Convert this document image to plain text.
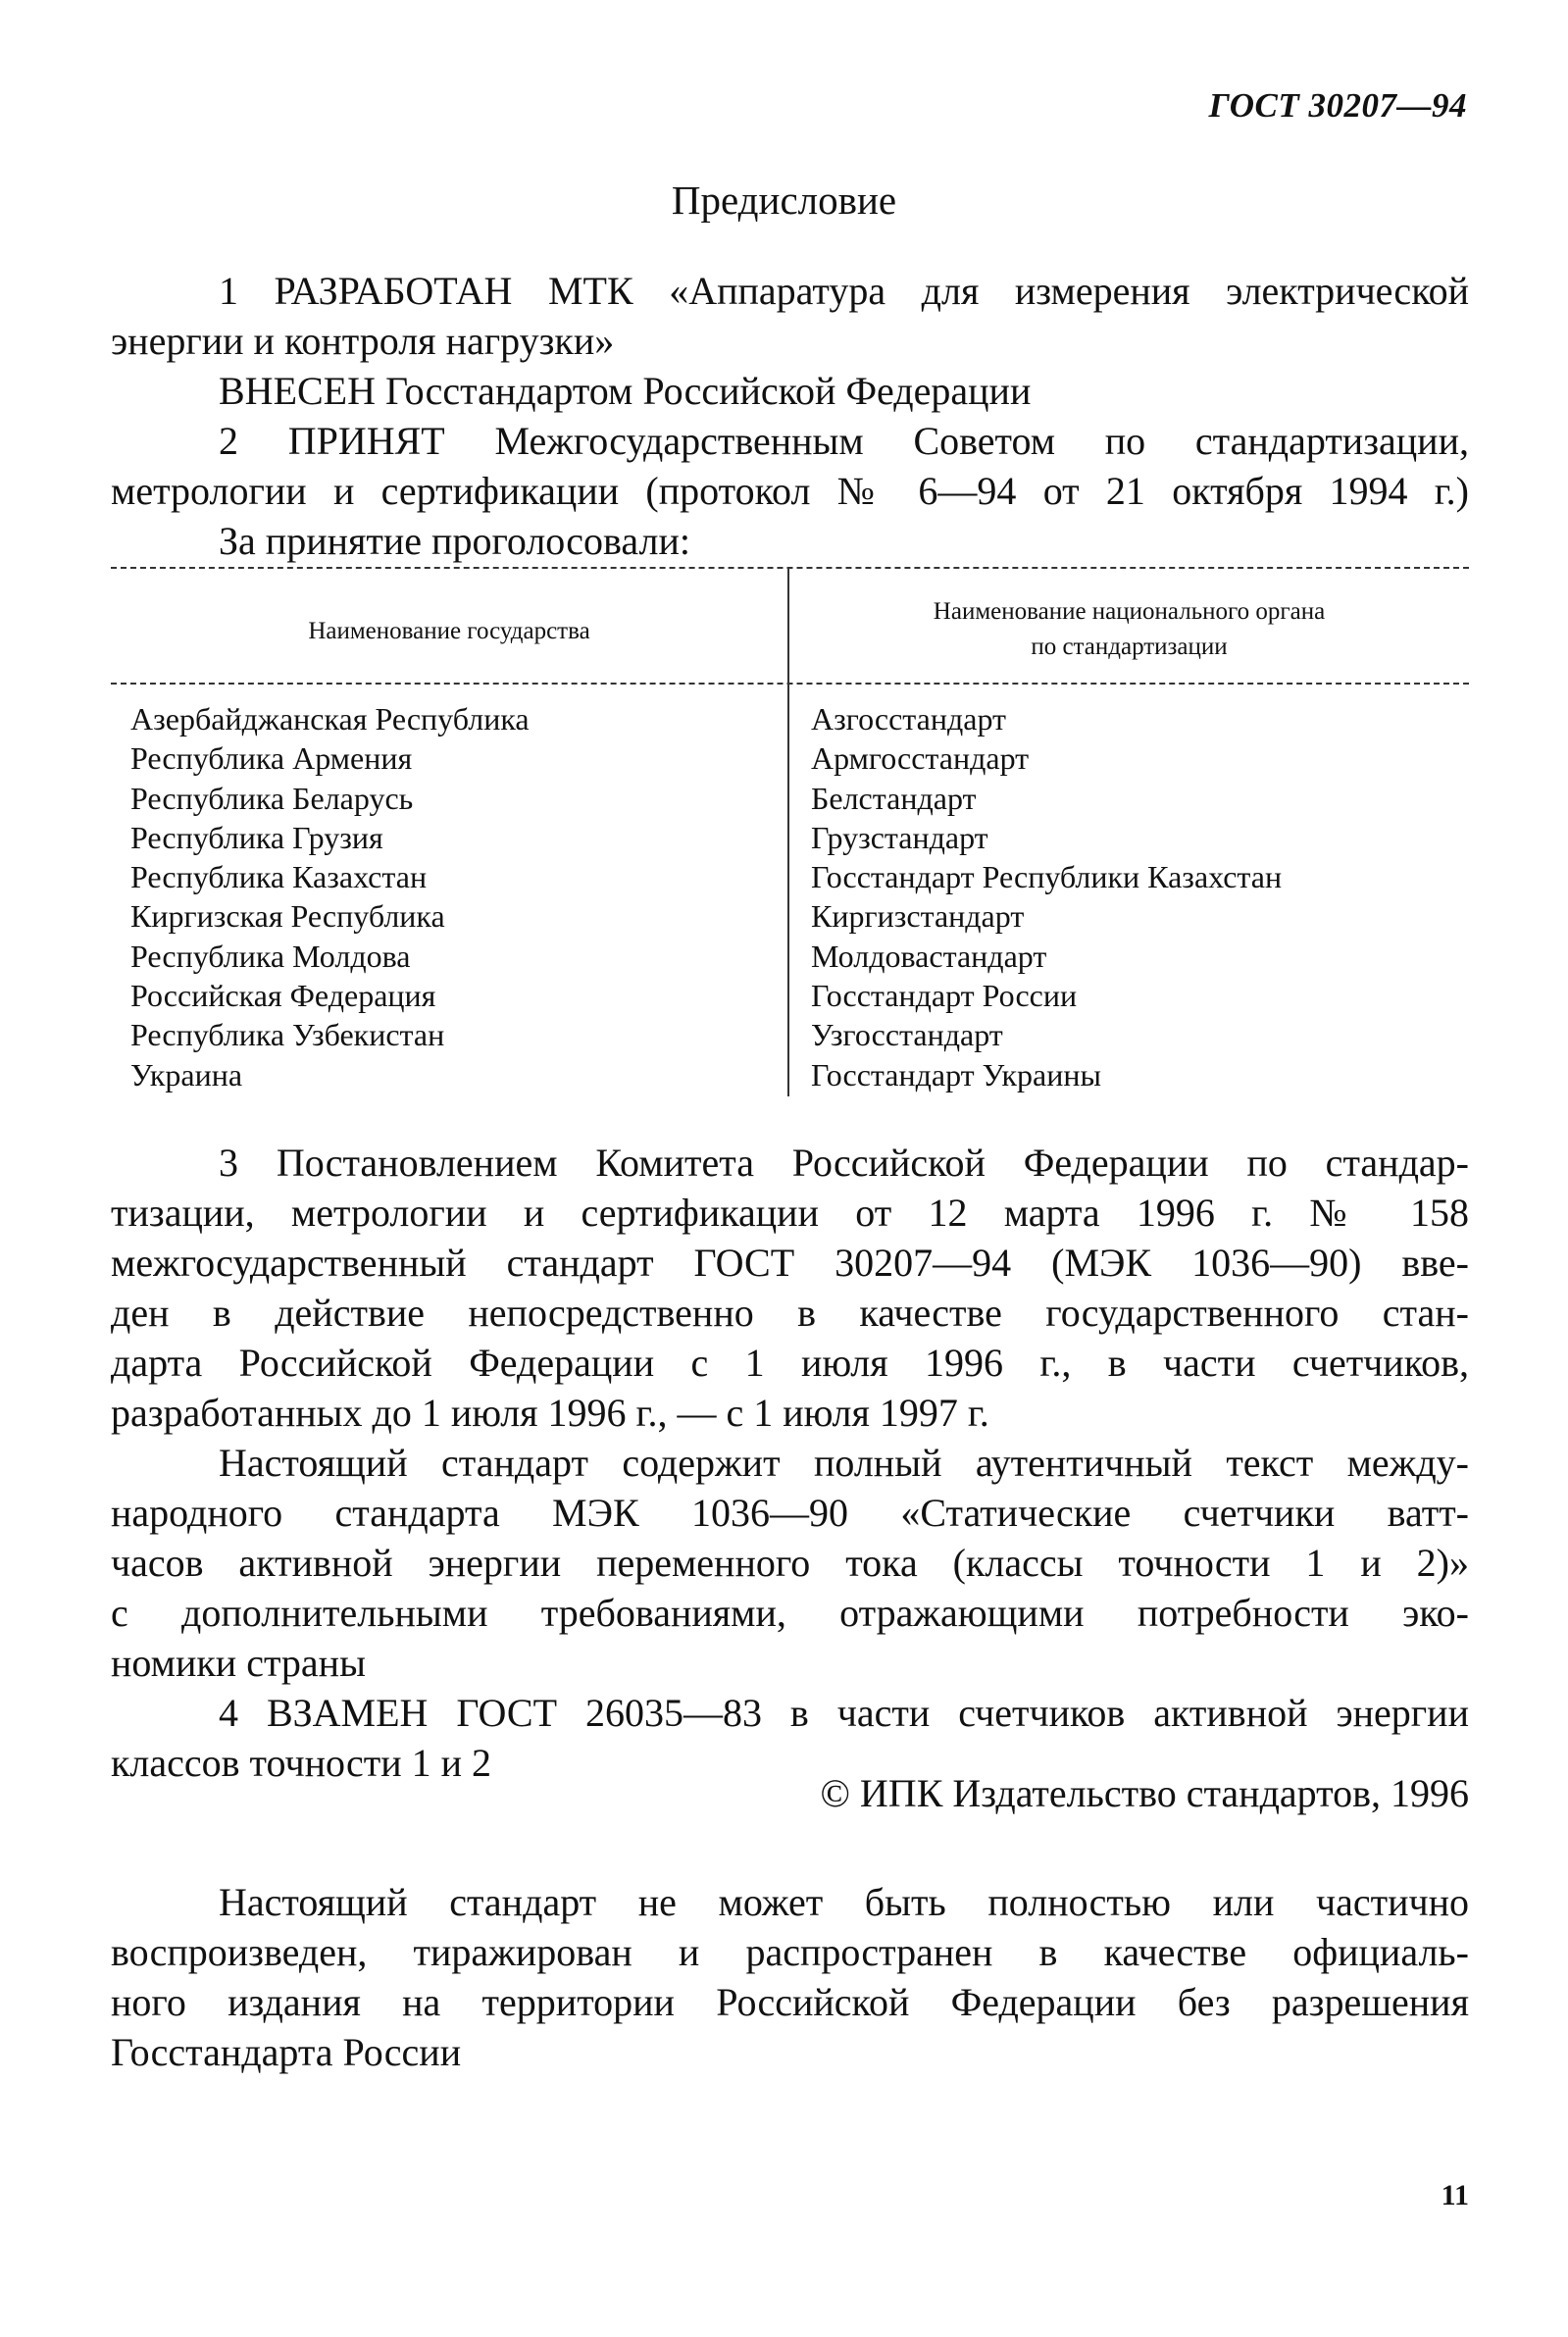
ГОСТ 30207—94
Предисловие

1 РАЗРАБОТАН МТК «Аппаратура для измерения электрической

энергии и контроля нагрузки»

ВНЕСЕН Госстандартом Российской Федерации

2 ПРИНЯТ Межгосударственным Советом по стандартизации,

метрологии и сертификации (протокол № 6—94 от 21 октября 1994 г.)

За принятие проголосовали:

Наименование государства
Наименование национального органа
по стандартизации
Азербайджанская Республика
Республика Армения
Республика Беларусь
Республика Грузия
Республика Казахстан
Киргизская Республика
Республика Молдова
Российская Федерация
Республика Узбекистан
Украина
Азгосстандарт
Армгосстандарт
Белстандарт
Грузстандарт
Госстандарт Республики Казахстан
Киргизстандарт
Молдовастандарт
Госстандарт России
Узгосстандарт
Госстандарт Украины

3 Постановлением Комитета Российской Федерации по стандар-

тизации, метрологии и сертификации от 12 марта 1996 г. № 158

межгосударственный стандарт ГОСТ 30207—94 (МЭК 1036—90) вве-

ден в действие непосредственно в качестве государственного стан-

дарта Российской Федерации с 1 июля 1996 г., в части счетчиков,

разработанных до 1 июля 1996 г., — с 1 июля 1997 г.

Настоящий стандарт содержит полный аутентичный текст между-

народного стандарта МЭК 1036—90 «Статические счетчики ватт-

часов активной энергии переменного тока (классы точности 1 и 2)»

с дополнительными требованиями, отражающими потребности эко-

номики страны

4 ВЗАМЕН ГОСТ 26035—83 в части счетчиков активной энергии

классов точности 1 и 2

© ИПК Издательство стандартов, 1996

Настоящий стандарт не может быть полностью или частично

воспроизведен, тиражирован и распространен в качестве официаль-

ного издания на территории Российской Федерации без разрешения

Госстандарта России

11
